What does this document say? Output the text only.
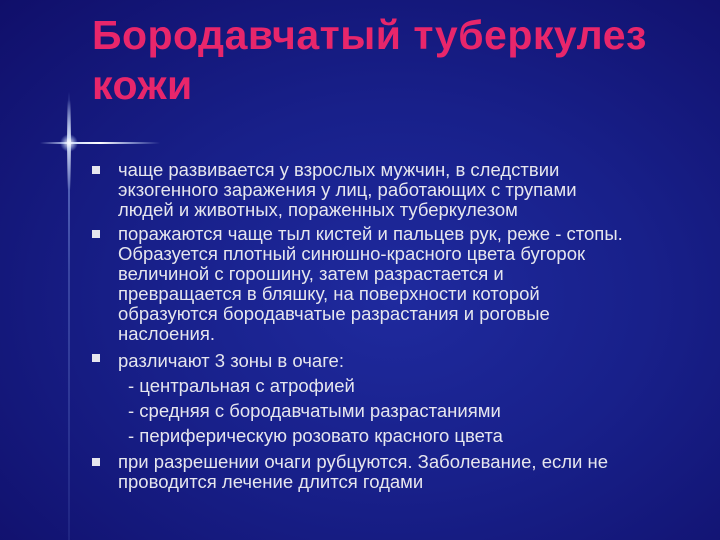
Бородавчатый туберкулез
кожи
чаще развивается у взрослых мужчин, в следствии
экзогенного заражения у лиц, работающих с трупами
людей и животных, пораженных туберкулезом
поражаются чаще тыл кистей и пальцев рук, реже - стопы.
Образуется плотный синюшно-красного цвета бугорок
величиной с горошину, затем разрастается и
превращается в бляшку, на поверхности которой
образуются бородавчатые разрастания и роговые
наслоения.
различают 3 зоны в очаге:
- центральная с атрофией
- средняя с бородавчатыми разрастаниями
- периферическую розовато красного цвета
при разрешении очаги рубцуются. Заболевание, если не
проводится лечение длится годами
